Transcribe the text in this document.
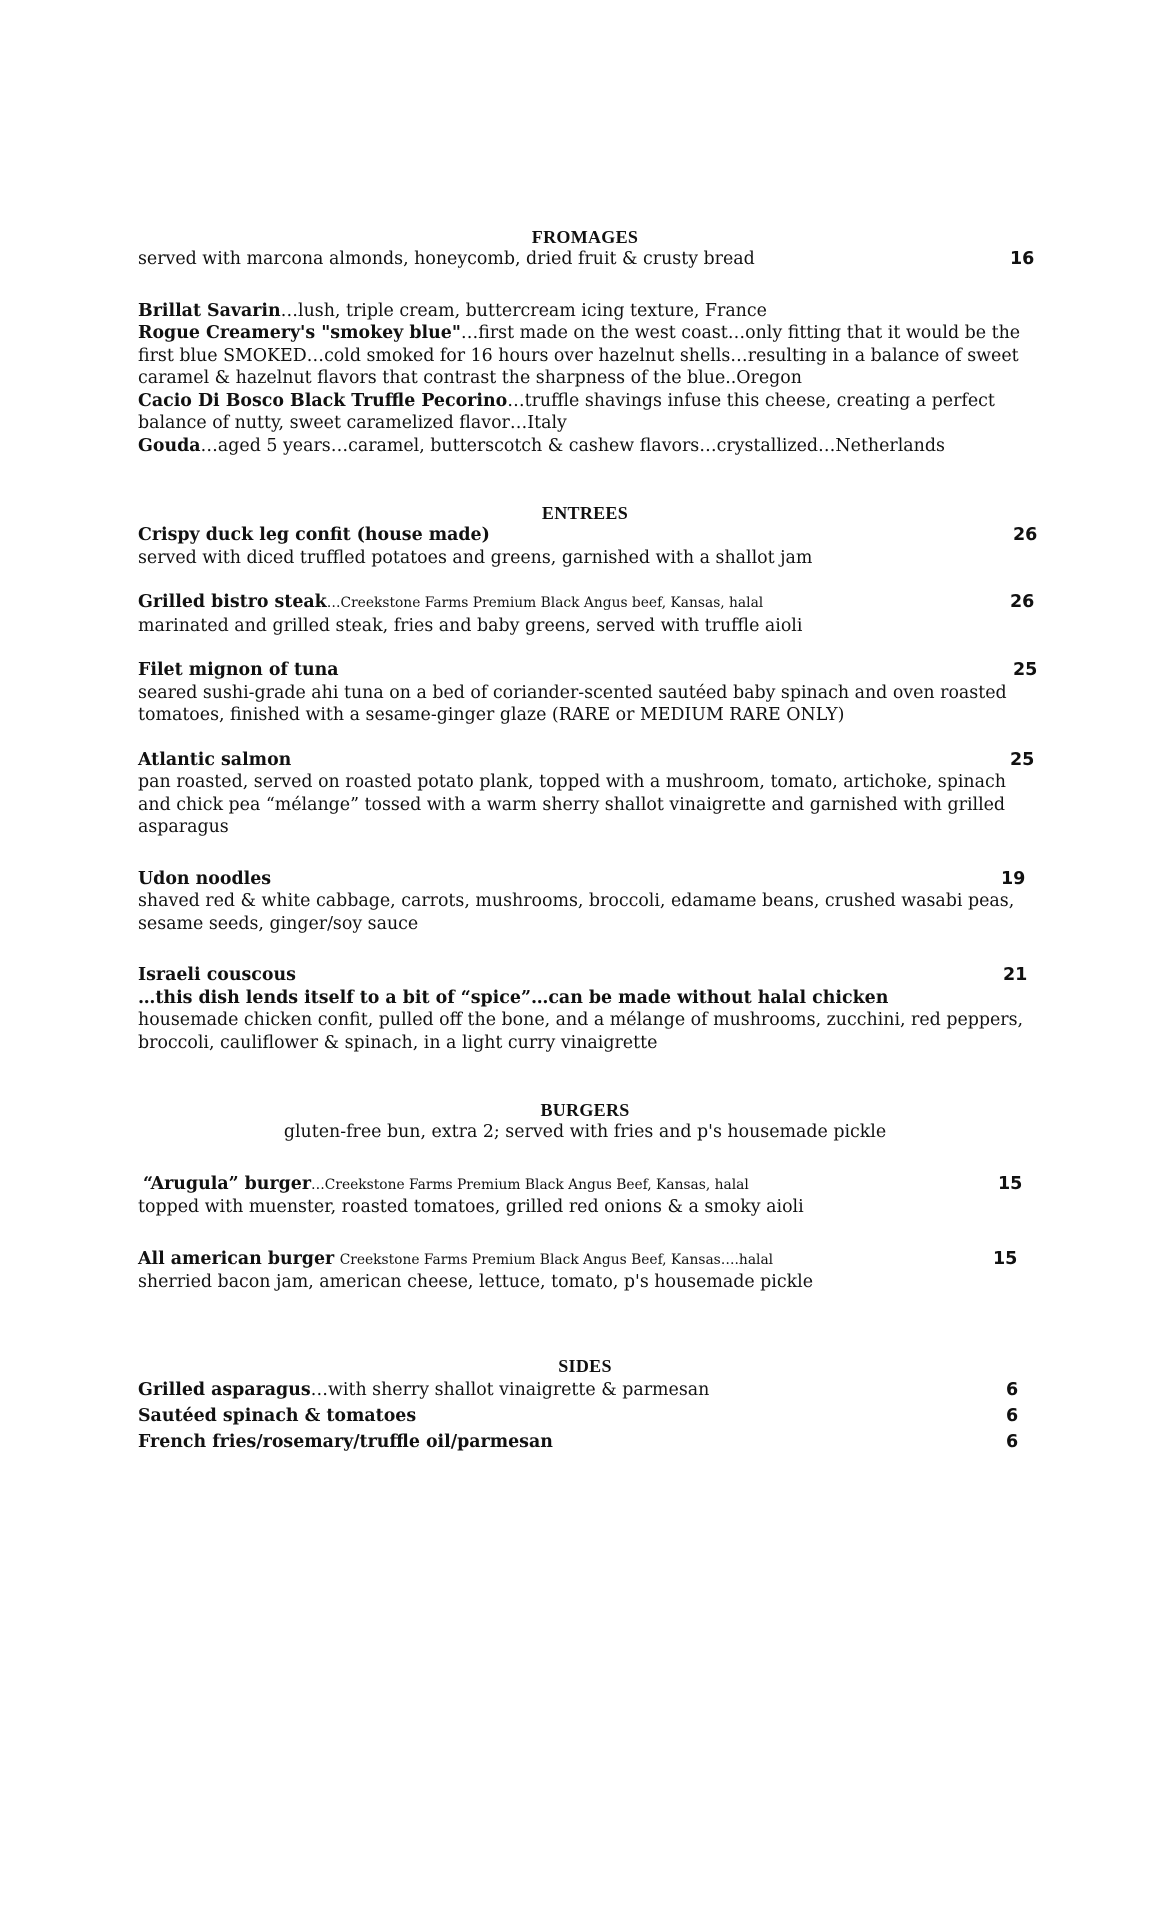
FROMAGES
served with marcona almonds, honeycomb, dried fruit & crusty bread	16
Brillat Savarin…lush, triple cream, buttercream icing texture, France
Rogue Creamery's "smokey blue"…first made on the west coast…only fitting that it would be the first blue SMOKED…cold smoked for 16 hours over hazelnut shells…resulting in a balance of sweet caramel & hazelnut flavors that contrast the sharpness of the blue..Oregon
Cacio Di Bosco Black Truffle Pecorino…truffle shavings infuse this cheese, creating a perfect balance of nutty, sweet caramelized flavor…Italy
Gouda…aged 5 years…caramel, butterscotch & cashew flavors…crystallized…Netherlands
ENTREES
Crispy duck leg confit (house made)	26
served with diced truffled potatoes and greens, garnished with a shallot jam
Grilled bistro steak…Creekstone Farms Premium Black Angus beef, Kansas, halal	26
marinated and grilled steak, fries and baby greens, served with truffle aioli
Filet mignon of tuna	25
seared sushi-grade ahi tuna on a bed of coriander-scented sautéed baby spinach and oven roasted tomatoes, finished with a sesame-ginger glaze (RARE or MEDIUM RARE ONLY)
Atlantic salmon	25
pan roasted, served on roasted potato plank, topped with a mushroom, tomato, artichoke, spinach and chick pea “mélange” tossed with a warm sherry shallot vinaigrette and garnished with grilled asparagus
Udon noodles	19
shaved red & white cabbage, carrots, mushrooms, broccoli, edamame beans, crushed wasabi peas, sesame seeds, ginger/soy sauce
Israeli couscous	21
…this dish lends itself to a bit of “spice”…can be made without halal chicken
housemade chicken confit, pulled off the bone, and a mélange of mushrooms, zucchini, red peppers, broccoli, cauliflower & spinach, in a light curry vinaigrette
BURGERS
gluten-free bun, extra 2; served with fries and p's housemade pickle
“Arugula” burger…Creekstone Farms Premium Black Angus Beef, Kansas, halal	15
topped with muenster, roasted tomatoes, grilled red onions & a smoky aioli
All american burger Creekstone Farms Premium Black Angus Beef, Kansas….halal	15
sherried bacon jam, american cheese, lettuce, tomato, p's housemade pickle
SIDES
Grilled asparagus…with sherry shallot vinaigrette & parmesan	6
Sautéed spinach & tomatoes	6
French fries/rosemary/truffle oil/parmesan	6
